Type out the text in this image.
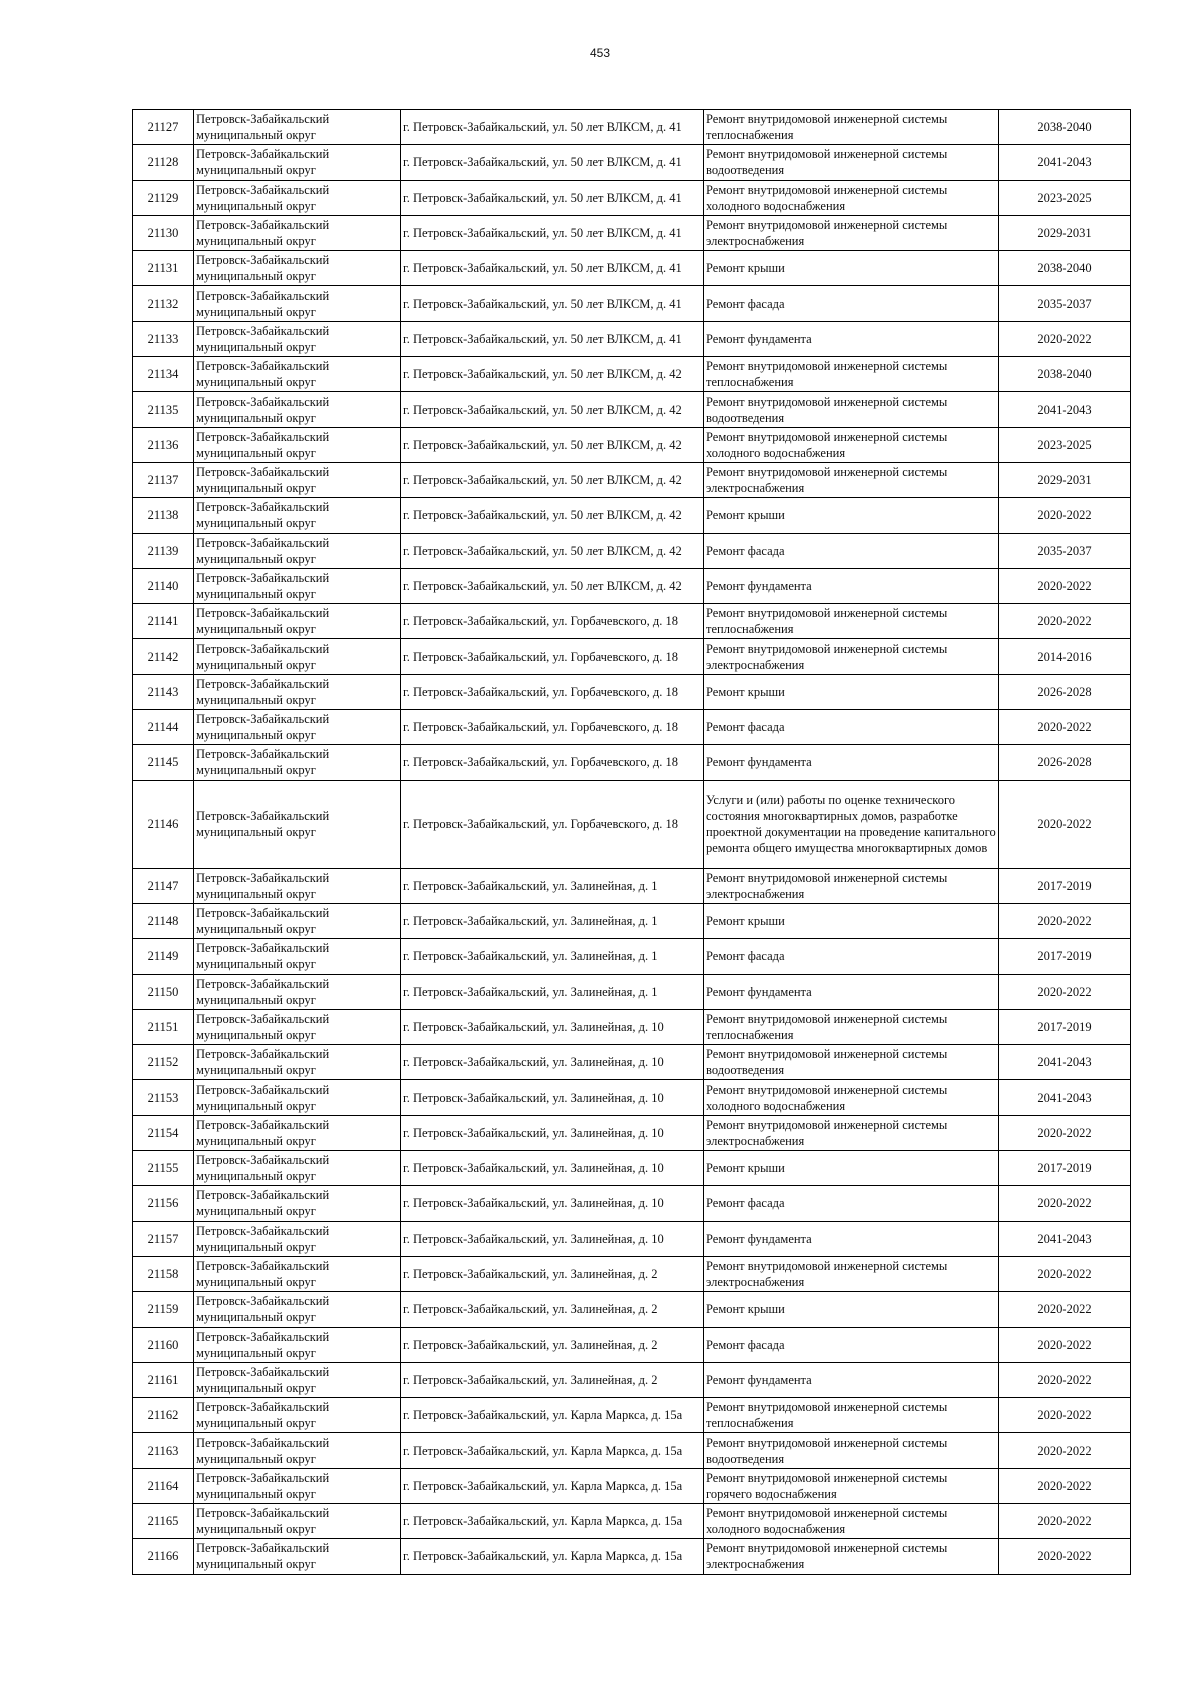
453
21127	Петровск-Забайкальский муниципальный округ	г. Петровск-Забайкальский, ул. 50 лет ВЛКСМ, д. 41	Ремонт внутридомовой инженерной системы теплоснабжения	2038-2040
21128	Петровск-Забайкальский муниципальный округ	г. Петровск-Забайкальский, ул. 50 лет ВЛКСМ, д. 41	Ремонт внутридомовой инженерной системы водоотведения	2041-2043
21129	Петровск-Забайкальский муниципальный округ	г. Петровск-Забайкальский, ул. 50 лет ВЛКСМ, д. 41	Ремонт внутридомовой инженерной системы холодного водоснабжения	2023-2025
21130	Петровск-Забайкальский муниципальный округ	г. Петровск-Забайкальский, ул. 50 лет ВЛКСМ, д. 41	Ремонт внутридомовой инженерной системы электроснабжения	2029-2031
21131	Петровск-Забайкальский муниципальный округ	г. Петровск-Забайкальский, ул. 50 лет ВЛКСМ, д. 41	Ремонт крыши	2038-2040
21132	Петровск-Забайкальский муниципальный округ	г. Петровск-Забайкальский, ул. 50 лет ВЛКСМ, д. 41	Ремонт фасада	2035-2037
21133	Петровск-Забайкальский муниципальный округ	г. Петровск-Забайкальский, ул. 50 лет ВЛКСМ, д. 41	Ремонт фундамента	2020-2022
21134	Петровск-Забайкальский муниципальный округ	г. Петровск-Забайкальский, ул. 50 лет ВЛКСМ, д. 42	Ремонт внутридомовой инженерной системы теплоснабжения	2038-2040
21135	Петровск-Забайкальский муниципальный округ	г. Петровск-Забайкальский, ул. 50 лет ВЛКСМ, д. 42	Ремонт внутридомовой инженерной системы водоотведения	2041-2043
21136	Петровск-Забайкальский муниципальный округ	г. Петровск-Забайкальский, ул. 50 лет ВЛКСМ, д. 42	Ремонт внутридомовой инженерной системы холодного водоснабжения	2023-2025
21137	Петровск-Забайкальский муниципальный округ	г. Петровск-Забайкальский, ул. 50 лет ВЛКСМ, д. 42	Ремонт внутридомовой инженерной системы электроснабжения	2029-2031
21138	Петровск-Забайкальский муниципальный округ	г. Петровск-Забайкальский, ул. 50 лет ВЛКСМ, д. 42	Ремонт крыши	2020-2022
21139	Петровск-Забайкальский муниципальный округ	г. Петровск-Забайкальский, ул. 50 лет ВЛКСМ, д. 42	Ремонт фасада	2035-2037
21140	Петровск-Забайкальский муниципальный округ	г. Петровск-Забайкальский, ул. 50 лет ВЛКСМ, д. 42	Ремонт фундамента	2020-2022
21141	Петровск-Забайкальский муниципальный округ	г. Петровск-Забайкальский, ул. Горбачевского, д. 18	Ремонт внутридомовой инженерной системы теплоснабжения	2020-2022
21142	Петровск-Забайкальский муниципальный округ	г. Петровск-Забайкальский, ул. Горбачевского, д. 18	Ремонт внутридомовой инженерной системы электроснабжения	2014-2016
21143	Петровск-Забайкальский муниципальный округ	г. Петровск-Забайкальский, ул. Горбачевского, д. 18	Ремонт крыши	2026-2028
21144	Петровск-Забайкальский муниципальный округ	г. Петровск-Забайкальский, ул. Горбачевского, д. 18	Ремонт фасада	2020-2022
21145	Петровск-Забайкальский муниципальный округ	г. Петровск-Забайкальский, ул. Горбачевского, д. 18	Ремонт фундамента	2026-2028
21146	Петровск-Забайкальский муниципальный округ	г. Петровск-Забайкальский, ул. Горбачевского, д. 18	Услуги и (или) работы по оценке технического состояния многоквартирных домов, разработке проектной документации на проведение капитального ремонта общего имущества многоквартирных домов	2020-2022
21147	Петровск-Забайкальский муниципальный округ	г. Петровск-Забайкальский, ул. Залинейная, д. 1	Ремонт внутридомовой инженерной системы электроснабжения	2017-2019
21148	Петровск-Забайкальский муниципальный округ	г. Петровск-Забайкальский, ул. Залинейная, д. 1	Ремонт крыши	2020-2022
21149	Петровск-Забайкальский муниципальный округ	г. Петровск-Забайкальский, ул. Залинейная, д. 1	Ремонт фасада	2017-2019
21150	Петровск-Забайкальский муниципальный округ	г. Петровск-Забайкальский, ул. Залинейная, д. 1	Ремонт фундамента	2020-2022
21151	Петровск-Забайкальский муниципальный округ	г. Петровск-Забайкальский, ул. Залинейная, д. 10	Ремонт внутридомовой инженерной системы теплоснабжения	2017-2019
21152	Петровск-Забайкальский муниципальный округ	г. Петровск-Забайкальский, ул. Залинейная, д. 10	Ремонт внутридомовой инженерной системы водоотведения	2041-2043
21153	Петровск-Забайкальский муниципальный округ	г. Петровск-Забайкальский, ул. Залинейная, д. 10	Ремонт внутридомовой инженерной системы холодного водоснабжения	2041-2043
21154	Петровск-Забайкальский муниципальный округ	г. Петровск-Забайкальский, ул. Залинейная, д. 10	Ремонт внутридомовой инженерной системы электроснабжения	2020-2022
21155	Петровск-Забайкальский муниципальный округ	г. Петровск-Забайкальский, ул. Залинейная, д. 10	Ремонт крыши	2017-2019
21156	Петровск-Забайкальский муниципальный округ	г. Петровск-Забайкальский, ул. Залинейная, д. 10	Ремонт фасада	2020-2022
21157	Петровск-Забайкальский муниципальный округ	г. Петровск-Забайкальский, ул. Залинейная, д. 10	Ремонт фундамента	2041-2043
21158	Петровск-Забайкальский муниципальный округ	г. Петровск-Забайкальский, ул. Залинейная, д. 2	Ремонт внутридомовой инженерной системы электроснабжения	2020-2022
21159	Петровск-Забайкальский муниципальный округ	г. Петровск-Забайкальский, ул. Залинейная, д. 2	Ремонт крыши	2020-2022
21160	Петровск-Забайкальский муниципальный округ	г. Петровск-Забайкальский, ул. Залинейная, д. 2	Ремонт фасада	2020-2022
21161	Петровск-Забайкальский муниципальный округ	г. Петровск-Забайкальский, ул. Залинейная, д. 2	Ремонт фундамента	2020-2022
21162	Петровск-Забайкальский муниципальный округ	г. Петровск-Забайкальский, ул. Карла Маркса, д. 15а	Ремонт внутридомовой инженерной системы теплоснабжения	2020-2022
21163	Петровск-Забайкальский муниципальный округ	г. Петровск-Забайкальский, ул. Карла Маркса, д. 15а	Ремонт внутридомовой инженерной системы водоотведения	2020-2022
21164	Петровск-Забайкальский муниципальный округ	г. Петровск-Забайкальский, ул. Карла Маркса, д. 15а	Ремонт внутридомовой инженерной системы горячего водоснабжения	2020-2022
21165	Петровск-Забайкальский муниципальный округ	г. Петровск-Забайкальский, ул. Карла Маркса, д. 15а	Ремонт внутридомовой инженерной системы холодного водоснабжения	2020-2022
21166	Петровск-Забайкальский муниципальный округ	г. Петровск-Забайкальский, ул. Карла Маркса, д. 15а	Ремонт внутридомовой инженерной системы электроснабжения	2020-2022
